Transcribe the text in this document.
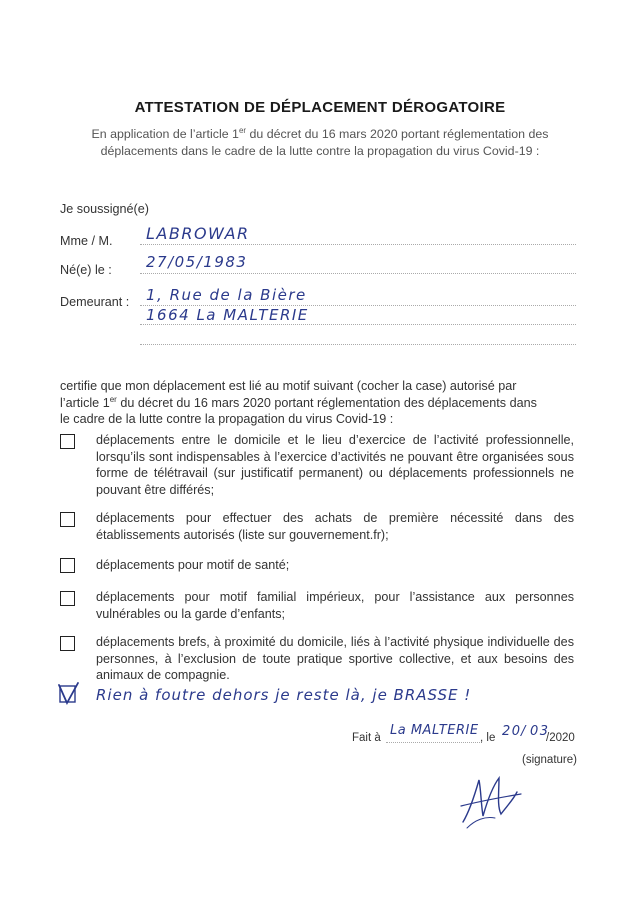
ATTESTATION DE DÉPLACEMENT DÉROGATOIRE
En application de l’article 1er du décret du 16 mars 2020 portant réglementation des
déplacements dans le cadre de la lutte contre la propagation du virus Covid-19 :
Je soussigné(e)
Mme / M. LABROWAR
Né(e) le : 27/05/1983
Demeurant : 1, Rue de la Bière
1664 La MALTERIE
certifie que mon déplacement est lié au motif suivant (cocher la case) autorisé par
l’article 1er du décret du 16 mars 2020 portant réglementation des déplacements dans
le cadre de la lutte contre la propagation du virus Covid-19 :
déplacements entre le domicile et le lieu d’exercice de l’activité professionnelle, lorsqu’ils sont indispensables à l’exercice d’activités ne pouvant être organisées sous forme de télétravail (sur justificatif permanent) ou déplacements professionnels ne pouvant être différés;
déplacements pour effectuer des achats de première nécessité dans des établissements autorisés (liste sur gouvernement.fr);
déplacements pour motif de santé;
déplacements pour motif familial impérieux, pour l’assistance aux personnes vulnérables ou la garde d’enfants;
déplacements brefs, à proximité du domicile, liés à l’activité physique individuelle des personnes, à l’exclusion de toute pratique sportive collective, et aux besoins des animaux de compagnie.
Rien à foutre dehors je reste là, je BRASSE !
Fait à La MALTERIE , le 20 / 03
/2020
(signature)
